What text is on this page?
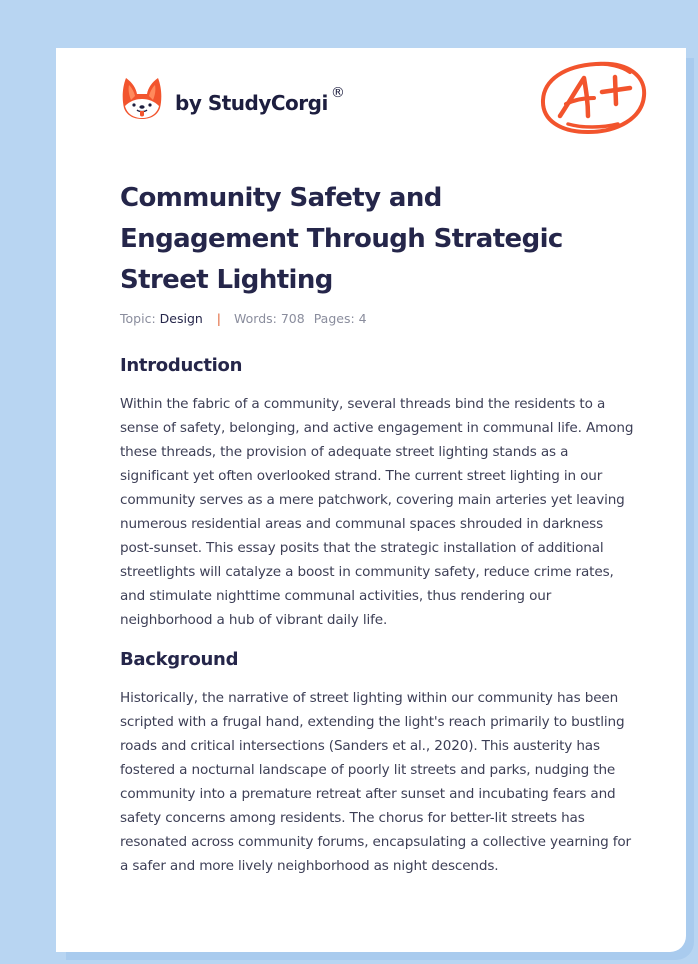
by StudyCorgi ®
Community Safety and Engagement Through Strategic Street Lighting
Topic: Design | Words: 708 Pages: 4
Introduction

Within the fabric of a community, several threads bind the residents to a sense of safety, belonging, and active engagement in communal life. Among these threads, the provision of adequate street lighting stands as a significant yet often overlooked strand. The current street lighting in our community serves as a mere patchwork, covering main arteries yet leaving numerous residential areas and communal spaces shrouded in darkness post-sunset. This essay posits that the strategic installation of additional streetlights will catalyze a boost in community safety, reduce crime rates, and stimulate nighttime communal activities, thus rendering our neighborhood a hub of vibrant daily life.

Background

Historically, the narrative of street lighting within our community has been scripted with a frugal hand, extending the light's reach primarily to bustling roads and critical intersections (Sanders et al., 2020). This austerity has fostered a nocturnal landscape of poorly lit streets and parks, nudging the community into a premature retreat after sunset and incubating fears and safety concerns among residents. The chorus for better-lit streets has resonated across community forums, encapsulating a collective yearning for a safer and more lively neighborhood as night descends.
